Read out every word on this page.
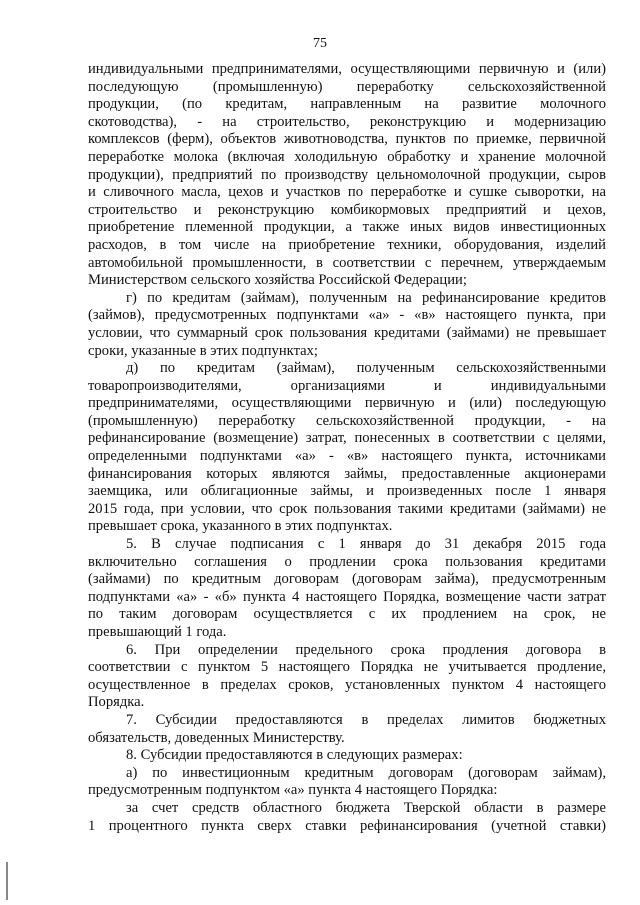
75
индивидуальными предпринимателями, осуществляющими первичную и (или)
последующую (промышленную) переработку сельскохозяйственной
продукции, (по кредитам, направленным на развитие молочного
скотоводства), - на строительство, реконструкцию и модернизацию
комплексов (ферм), объектов животноводства, пунктов по приемке, первичной
переработке молока (включая холодильную обработку и хранение молочной
продукции), предприятий по производству цельномолочной продукции, сыров
и сливочного масла, цехов и участков по переработке и сушке сыворотки, на
строительство и реконструкцию комбикормовых предприятий и цехов,
приобретение племенной продукции, а также иных видов инвестиционных
расходов, в том числе на приобретение техники, оборудования, изделий
автомобильной промышленности, в соответствии с перечнем, утверждаемым
Министерством сельского хозяйства Российской Федерации;
г) по кредитам (займам), полученным на рефинансирование кредитов
(займов), предусмотренных подпунктами «а» - «в» настоящего пункта, при
условии, что суммарный срок пользования кредитами (займами) не превышает
сроки, указанные в этих подпунктах;
д) по кредитам (займам), полученным сельскохозяйственными
товаропроизводителями, организациями и индивидуальными
предпринимателями, осуществляющими первичную и (или) последующую
(промышленную) переработку сельскохозяйственной продукции, - на
рефинансирование (возмещение) затрат, понесенных в соответствии с целями,
определенными подпунктами «а» - «в» настоящего пункта, источниками
финансирования которых являются займы, предоставленные акционерами
заемщика, или облигационные займы, и произведенных после 1 января
2015 года, при условии, что срок пользования такими кредитами (займами) не
превышает срока, указанного в этих подпунктах.
5. В случае подписания с 1 января до 31 декабря 2015 года
включительно соглашения о продлении срока пользования кредитами
(займами) по кредитным договорам (договорам займа), предусмотренным
подпунктами «а» - «б» пункта 4 настоящего Порядка, возмещение части затрат
по таким договорам осуществляется с их продлением на срок, не
превышающий 1 года.
6. При определении предельного срока продления договора в
соответствии с пунктом 5 настоящего Порядка не учитывается продление,
осуществленное в пределах сроков, установленных пунктом 4 настоящего
Порядка.
7. Субсидии предоставляются в пределах лимитов бюджетных
обязательств, доведенных Министерству.
8. Субсидии предоставляются в следующих размерах:
а) по инвестиционным кредитным договорам (договорам займам),
предусмотренным подпунктом «а» пункта 4 настоящего Порядка:
за счет средств областного бюджета Тверской области в размере
1 процентного пункта сверх ставки рефинансирования (учетной ставки)
